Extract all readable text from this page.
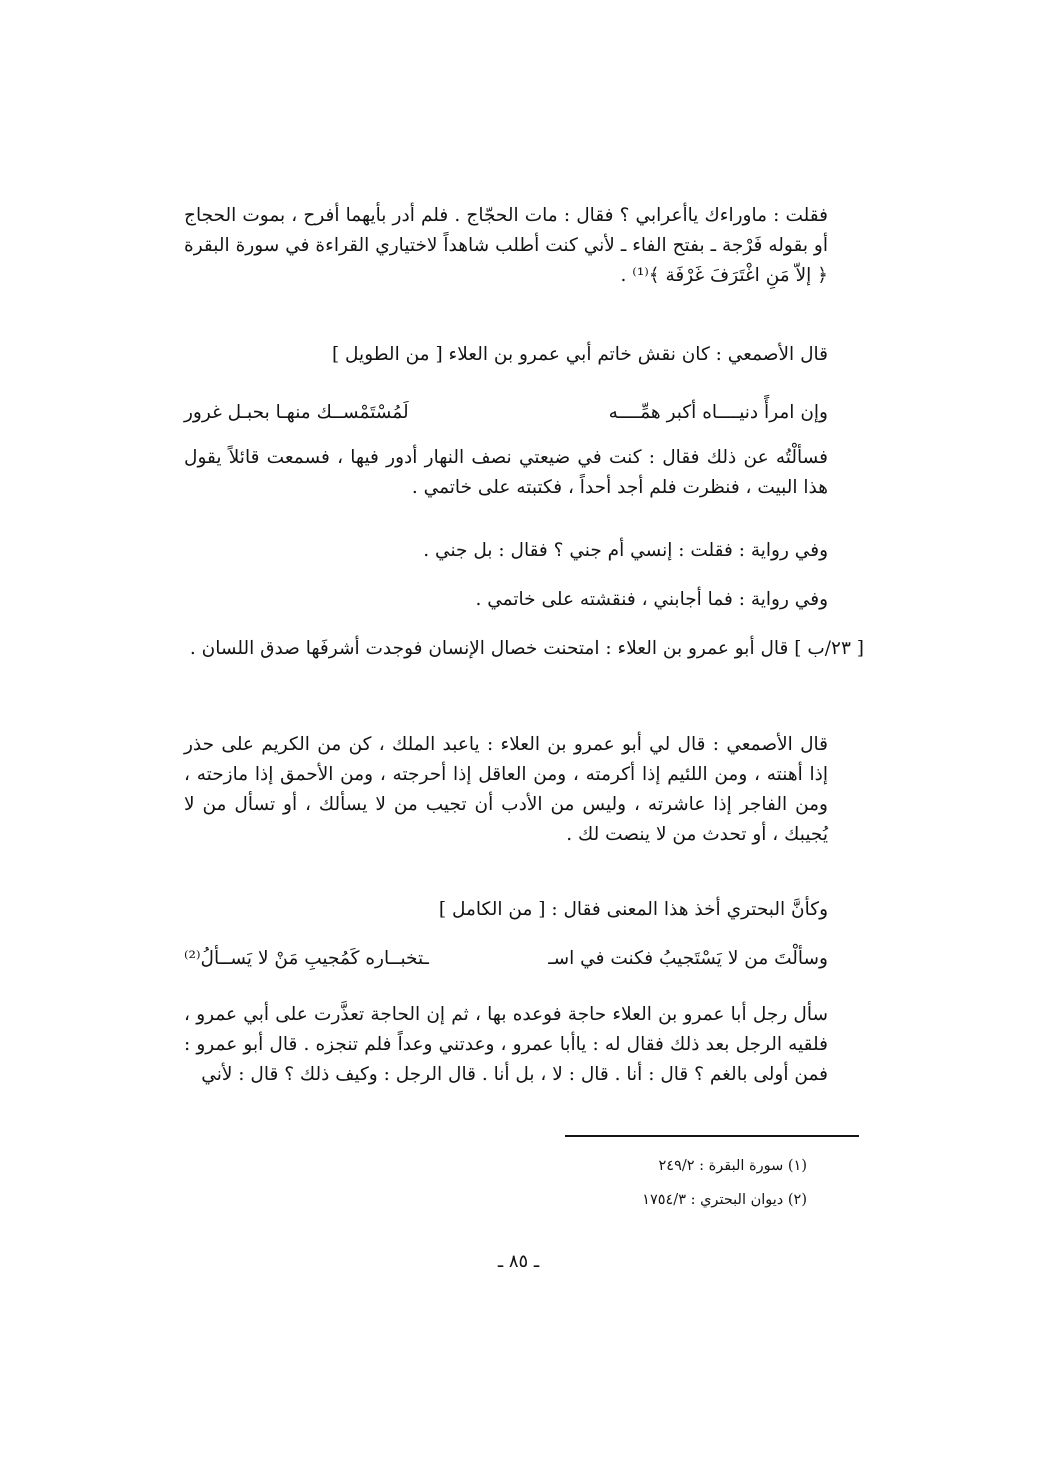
فقلت : ماوراءك ياأعرابي ؟ فقال : مات الحجّاج . فلم أدر بأيهما أفرح ، بموت الحجاج أو بقوله فَرْجة ـ بفتح الفاء ـ لأني كنت أطلب شاهداً لاختياري القراءة في سورة البقرة ﴿ إلاّ مَنِ اغْتَرَفَ غَرْفَة ﴾⁽¹⁾ .
قال الأصمعي : كان نقش خاتم أبي عمرو بن العلاء [ من الطويل ]
وإن امرأً دنيــــاه أكبر همِّــــه
لَمُسْتَمْســك منهـا بحبـل غرور
فسألْتُه عن ذلك فقال : كنت في ضيعتي نصف النهار أدور فيها ، فسمعت قائلاً يقول هذا البيت ، فنظرت فلم أجد أحداً ، فكتبته على خاتمي .
وفي رواية : فقلت : إنسي أم جني ؟ فقال : بل جني .
وفي رواية : فما أجابني ، فنقشته على خاتمي .
[ ٢٣/ب ] قال أبو عمرو بن العلاء : امتحنت خصال الإنسان فوجدت أشرفَها صدق اللسان .
قال الأصمعي : قال لي أبو عمرو بن العلاء : ياعبد الملك ، كن من الكريم على حذر إذا أهنته ، ومن اللئيم إذا أكرمته ، ومن العاقل إذا أحرجته ، ومن الأحمق إذا مازحته ، ومن الفاجر إذا عاشرته ، وليس من الأدب أن تجيب من لا يسألك ، أو تسأل من لا يُجيبك ، أو تحدث من لا ينصت لك .
وكأنَّ البحتري أخذ هذا المعنى فقال : [ من الكامل ]
وسألْتَ من لا يَسْتَجيبُ فكنت في اسـ
ـتخبــاره كَمُجيبِ مَنْ لا يَســألُ⁽²⁾
سأل رجل أبا عمرو بن العلاء حاجة فوعده بها ، ثم إن الحاجة تعذَّرت على أبي عمرو ، فلقيه الرجل بعد ذلك فقال له : ياأبا عمرو ، وعدتني وعداً فلم تنجزه . قال أبو عمرو : فمن أولى بالغم ؟ قال : أنا . قال : لا ، بل أنا . قال الرجل : وكيف ذلك ؟ قال : لأني
(١) سورة البقرة : ٢٤٩/٢
(٢) ديوان البحتري : ١٧٥٤/٣
ـ ٨٥ ـ
